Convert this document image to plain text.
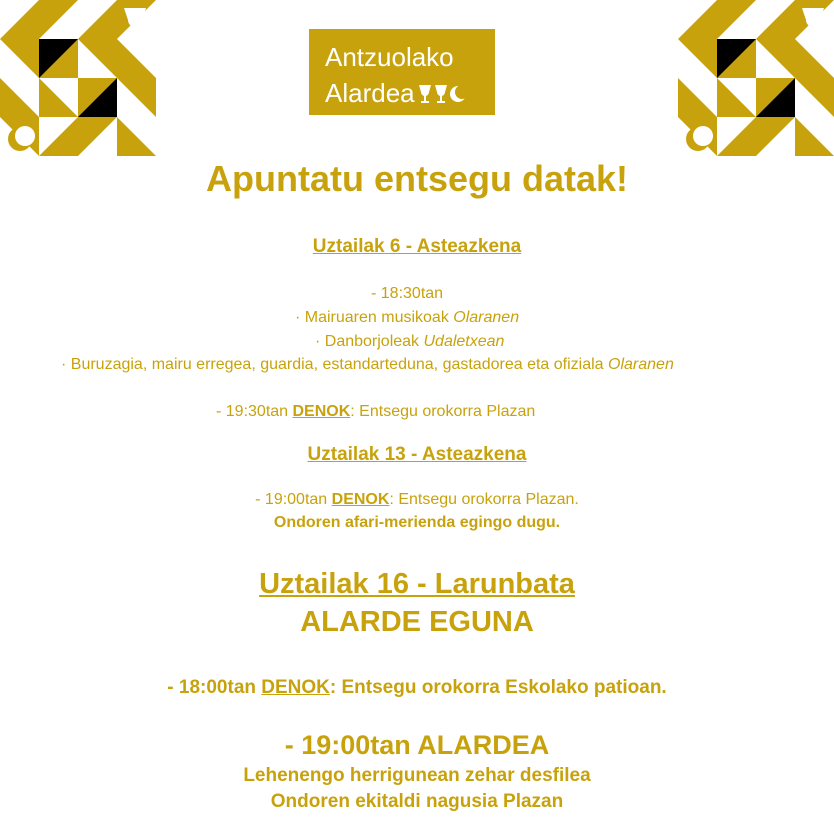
Antzuolako
Alardea
Apuntatu entsegu datak!
Uztailak 6 - Asteazkena
- 18:30tan
· Mairuaren musikoak Olaranen
· Danborjoleak Udaletxean
· Buruzagia, mairu erregea, guardia, estandarteduna, gastadorea eta ofiziala Olaranen
- 19:30tan DENOK: Entsegu orokorra Plazan
Uztailak 13 - Asteazkena
- 19:00tan DENOK: Entsegu orokorra Plazan.
Ondoren afari-merienda egingo dugu.
Uztailak 16 - Larunbata
ALARDE EGUNA
- 18:00tan DENOK: Entsegu orokorra Eskolako patioan.
- 19:00tan ALARDEA
Lehenengo herrigunean zehar desfilea
Ondoren ekitaldi nagusia Plazan
